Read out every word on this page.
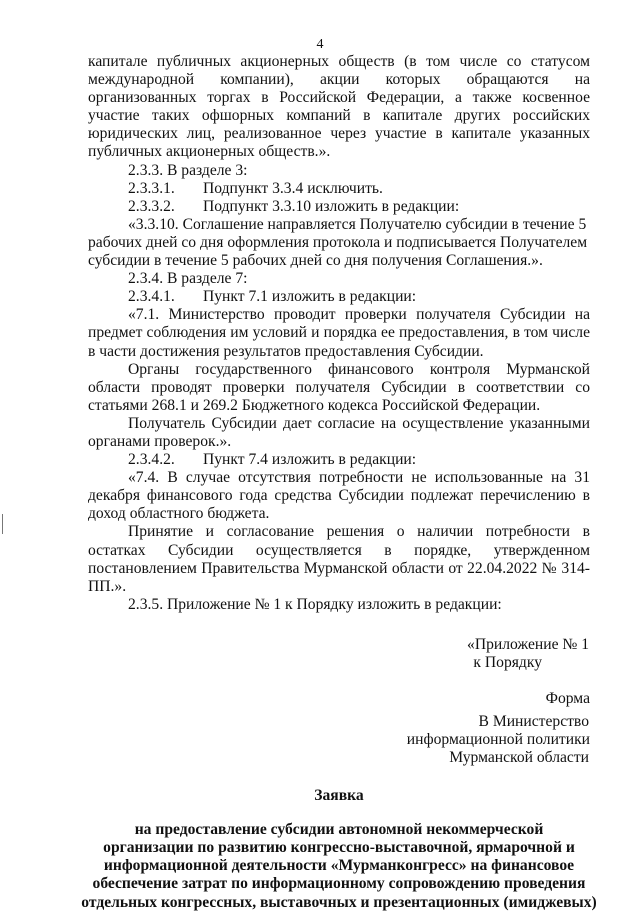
4

капитале публичных акционерных обществ (в том числе со статусом международной компании), акции которых обращаются на организованных торгах в Российской Федерации, а также косвенное участие таких офшорных компаний в капитале других российских юридических лиц, реализованное через участие в капитале указанных публичных акционерных обществ.».

2.3.3. В разделе 3:

2.3.3.1.	Подпункт 3.3.4 исключить.
2.3.3.2.	Подпункт 3.3.10 изложить в редакции:

«3.3.10. Соглашение направляется Получателю субсидии в течение 5 рабочих дней со дня оформления протокола и подписывается Получателем субсидии в течение 5 рабочих дней со дня получения Соглашения.».

2.3.4. В разделе 7:

2.3.4.1.	Пункт 7.1 изложить в редакции:

«7.1. Министерство проводит проверки получателя Субсидии на предмет соблюдения им условий и порядка ее предоставления, в том числе в части достижения результатов предоставления Субсидии.

Органы государственного финансового контроля Мурманской области проводят проверки получателя Субсидии в соответствии со статьями 268.1 и 269.2 Бюджетного кодекса Российской Федерации.

Получатель Субсидии дает согласие на осуществление указанными органами проверок.».

2.3.4.2.	Пункт 7.4 изложить в редакции:

«7.4. В случае отсутствия потребности не использованные на 31 декабря финансового года средства Субсидии подлежат перечислению в доход областного бюджета.

Принятие и согласование решения о наличии потребности в остатках Субсидии осуществляется в порядке, утвержденном постановлением Правительства Мурманской области от 22.04.2022 № 314-ПП.».

2.3.5. Приложение № 1 к Порядку изложить в редакции:

«Приложение № 1

к Порядку

Форма

В Министерство

информационной политики

Мурманской области

Заявка

на предоставление субсидии автономной некоммерческой

организации по развитию конгрессно-выставочной, ярмарочной и

информационной деятельности «Мурманконгресс» на финансовое

обеспечение затрат по информационному сопровождению проведения

отдельных конгрессных, выставочных и презентационных (имиджевых)
